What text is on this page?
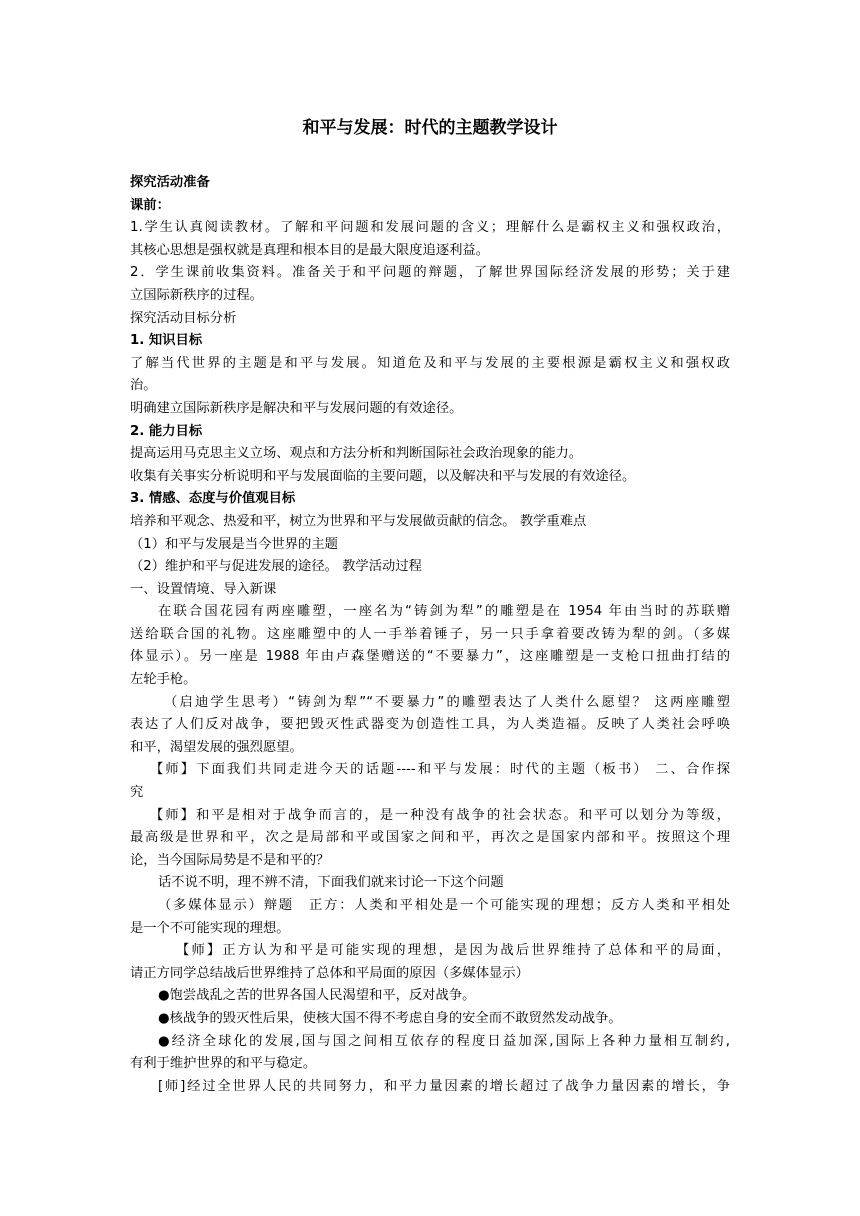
和平与发展：时代的主题教学设计
探究活动准备
课前：
1.学生认真阅读教材。了解和平问题和发展问题的含义；理解什么是霸权主义和强权政治，
其核心思想是强权就是真理和根本目的是最大限度追逐利益。
2．学生课前收集资料。准备关于和平问题的辩题，了解世界国际经济发展的形势；关于建
立国际新秩序的过程。
探究活动目标分析
1. 知识目标
了解当代世界的主题是和平与发展。知道危及和平与发展的主要根源是霸权主义和强权政
治。
明确建立国际新秩序是解决和平与发展问题的有效途径。
2. 能力目标
提高运用马克思主义立场、观点和方法分析和判断国际社会政治现象的能力。
收集有关事实分析说明和平与发展面临的主要问题，以及解决和平与发展的有效途径。
3. 情感、态度与价值观目标
培养和平观念、热爱和平，树立为世界和平与发展做贡献的信念。 教学重难点
（1）和平与发展是当今世界的主题
（2）维护和平与促进发展的途径。 教学活动过程
一、设置情境、导入新课
在联合国花园有两座雕塑，一座名为“铸剑为犁”的雕塑是在 1954 年由当时的苏联赠
送给联合国的礼物。这座雕塑中的人一手举着锤子，另一只手拿着要改铸为犁的剑。（多媒
体显示）。另一座是 1988 年由卢森堡赠送的“不要暴力”，这座雕塑是一支枪口扭曲打结的
左轮手枪。
（启迪学生思考）“铸剑为犁”“不要暴力”的雕塑表达了人类什么愿望？ 这两座雕塑
表达了人们反对战争，要把毁灭性武器变为创造性工具，为人类造福。反映了人类社会呼唤
和平，渴望发展的强烈愿望。
【师】下面我们共同走进今天的话题----和平与发展：时代的主题（板书） 二、合作探
究
【师】和平是相对于战争而言的，是一种没有战争的社会状态。和平可以划分为等级，
最高级是世界和平，次之是局部和平或国家之间和平，再次之是国家内部和平。按照这个理
论，当今国际局势是不是和平的？
话不说不明，理不辨不清，下面我们就来讨论一下这个问题
（多媒体显示）辩题　正方：人类和平相处是一个可能实现的理想；反方人类和平相处
是一个不可能实现的理想。
【师】正方认为和平是可能实现的理想，是因为战后世界维持了总体和平的局面，
请正方同学总结战后世界维持了总体和平局面的原因（多媒体显示）
●饱尝战乱之苦的世界各国人民渴望和平，反对战争。
●核战争的毁灭性后果，使核大国不得不考虑自身的安全而不敢贸然发动战争。
●经济全球化的发展,国与国之间相互依存的程度日益加深,国际上各种力量相互制约,
有利于维护世界的和平与稳定。
[师]经过全世界人民的共同努力，和平力量因素的增长超过了战争力量因素的增长，争
